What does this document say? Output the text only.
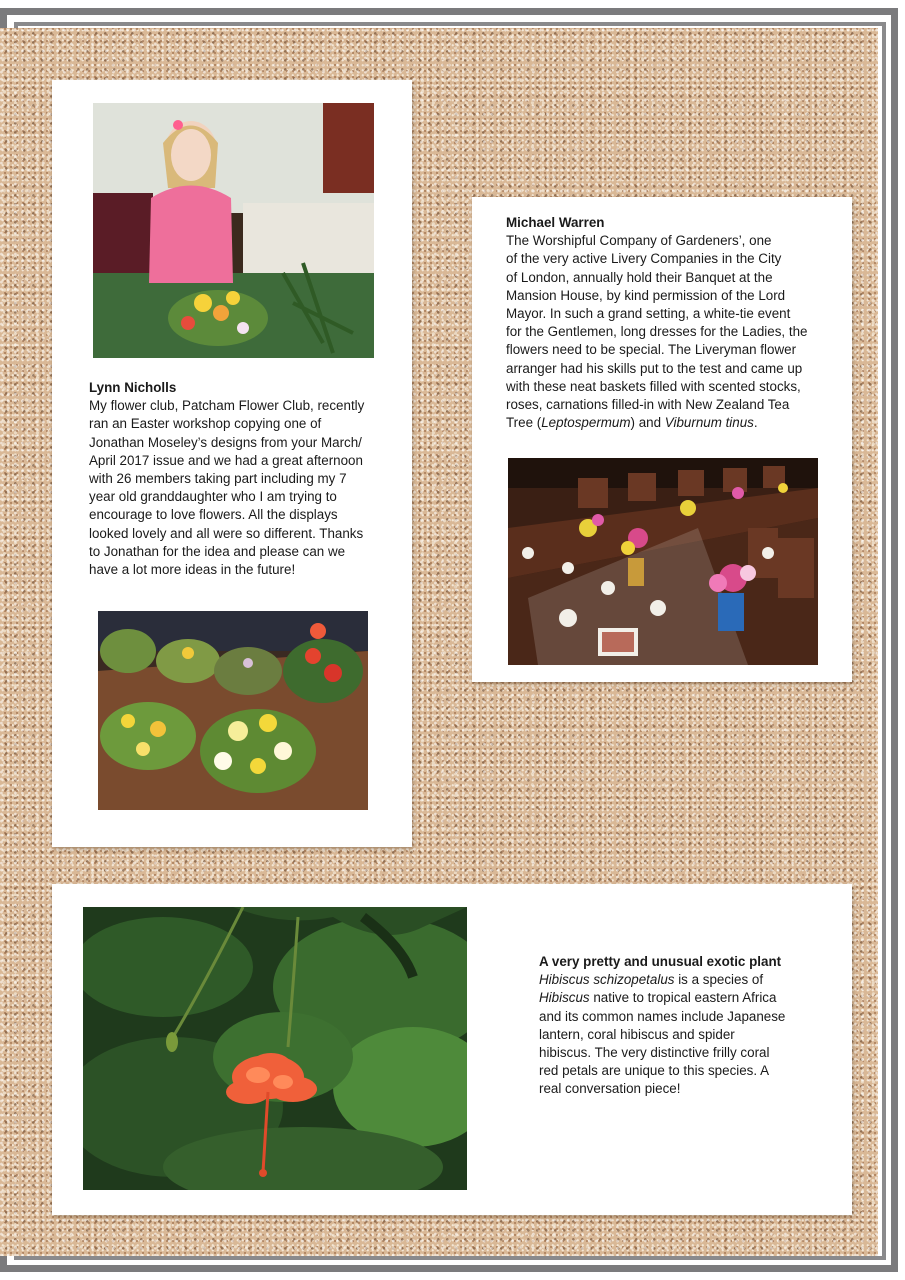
Lynn Nicholls
My flower club, Patcham Flower Club, recently
ran an Easter workshop copying one of
Jonathan Moseley’s designs from your March/
April 2017 issue and we had a great afternoon
with 26 members taking part including my 7
year old granddaughter who I am trying to
encourage to love flowers. All the displays
looked lovely and all were so different. Thanks
to Jonathan for the idea and please can we
have a lot more ideas in the future!
Michael Warren
The Worshipful Company of Gardeners’, one
of the very active Livery Companies in the City
of London, annually hold their Banquet at the
Mansion House, by kind permission of the Lord
Mayor. In such a grand setting, a white-tie event
for the Gentlemen, long dresses for the Ladies, the
flowers need to be special. The Liveryman flower
arranger had his skills put to the test and came up
with these neat baskets filled with scented stocks,
roses, carnations filled-in with New Zealand Tea
Tree (Leptospermum) and Viburnum tinus.
A very pretty and unusual exotic plant
Hibiscus schizopetalus is a species of
Hibiscus native to tropical eastern Africa
and its common names include Japanese
lantern, coral hibiscus and spider
hibiscus. The very distinctive frilly coral
red petals are unique to this species. A
real conversation piece!
